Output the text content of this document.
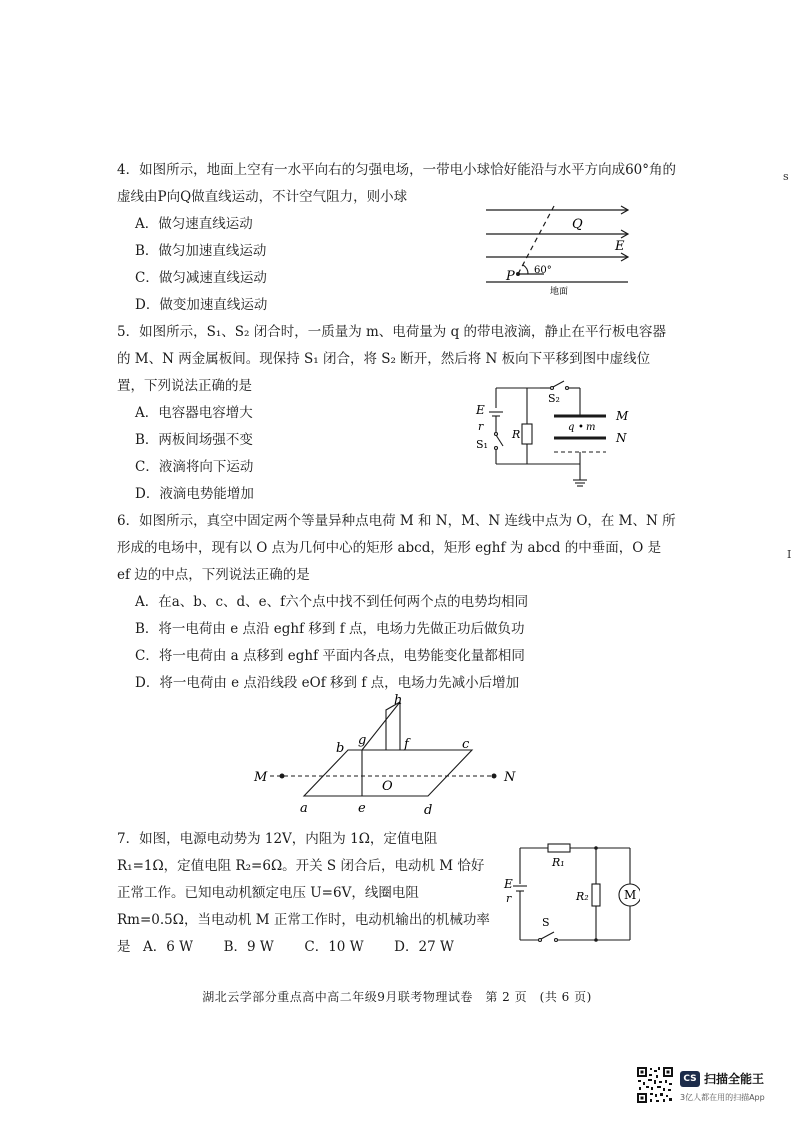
s
I

4．如图所示，地面上空有一水平向右的匀强电场，一带电小球恰好能沿与水平方向成60°角的虚线由P向Q做直线运动，不计空气阻力，则小球

A．做匀速直线运动

B．做匀加速直线运动

C．做匀减速直线运动

D．做变加速直线运动

Q
E
P 60°
地面

5．如图所示，S₁、S₂ 闭合时，一质量为 m、电荷量为 q 的带电液滴，静止在平行板电容器的 M、N 两金属板间。现保持 S₁ 闭合，将 S₂ 断开，然后将 N 板向下平移到图中虚线位置，下列说法正确的是

A．电容器电容增大

B．两板间场强不变

C．液滴将向下运动

D．液滴电势能增加

E
r
S₁
S₂
R
M
N
q • m

6．如图所示，真空中固定两个等量异种点电荷 M 和 N，M、N 连线中点为 O，在 M、N 所形成的电场中，现有以 O 点为几何中心的矩形 abcd，矩形 eghf 为 abcd 的中垂面，O 是 ef 边的中点，下列说法正确的是

A．在a、b、c、d、e、f六个点中找不到任何两个点的电势均相同

B．将一电荷由 e 点沿 eghf 移到 f 点，电场力先做正功后做负功

C．将一电荷由 a 点移到 eghf 平面内各点，电势能变化量都相同

D．将一电荷由 e 点沿线段 eOf 移到 f 点，电场力先减小后增加

h
g	f
b	c
M	N
O
a	e	d

7．如图，电源电动势为 12V，内阻为 1Ω，定值电阻 R₁=1Ω，定值电阻 R₂=6Ω。开关 S 闭合后，电动机 M 恰好正常工作。已知电动机额定电压 U=6V，线圈电阻 Rm=0.5Ω，当电动机 M 正常工作时，电动机输出的机械功率是 A．6 W B．9 W C．10 W D．27 W

R₁
R₂
E
r
S
M
湖北云学部分重点高中高二年级9月联考物理试卷　第 2 页　(共 6 页)
CS 扫描全能王
3亿人都在用的扫描App
